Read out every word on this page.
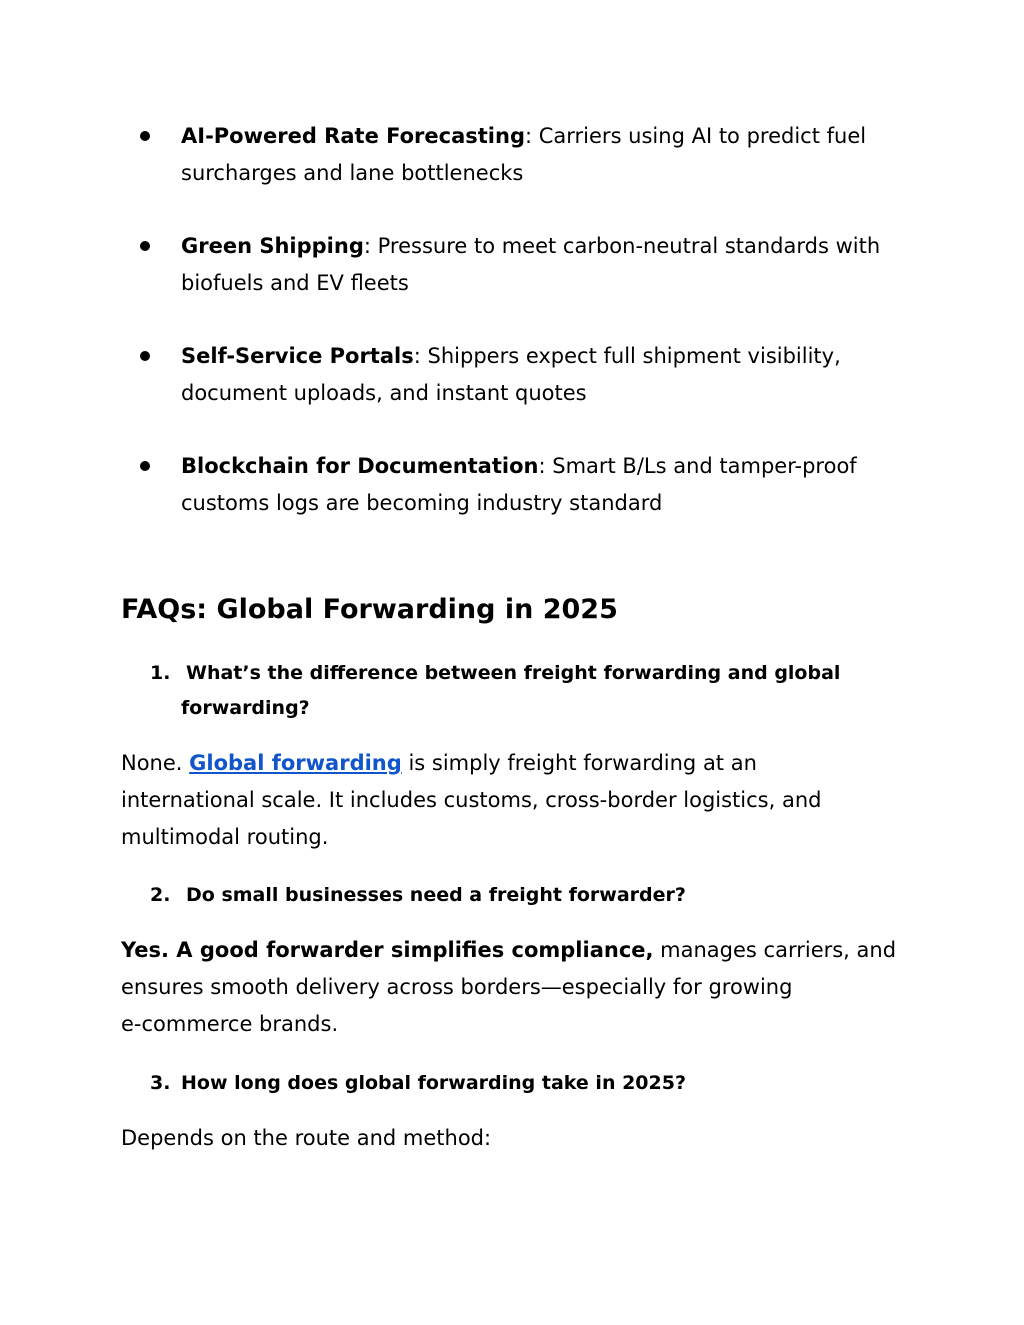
AI-Powered Rate Forecasting: Carriers using AI to predict fuel
surcharges and lane bottlenecks
Green Shipping: Pressure to meet carbon-neutral standards with
biofuels and EV fleets
Self-Service Portals: Shippers expect full shipment visibility,
document uploads, and instant quotes
Blockchain for Documentation: Smart B/Ls and tamper-proof
customs logs are becoming industry standard
FAQs: Global Forwarding in 2025
1. What’s the difference between freight forwarding and global
forwarding?

None. Global forwarding is simply freight forwarding at an
international scale. It includes customs, cross-border logistics, and
multimodal routing.

2. Do small businesses need a freight forwarder?

Yes. A good forwarder simplifies compliance, manages carriers, and
ensures smooth delivery across borders—especially for growing
e-commerce brands.

3. How long does global forwarding take in 2025?

Depends on the route and method:
